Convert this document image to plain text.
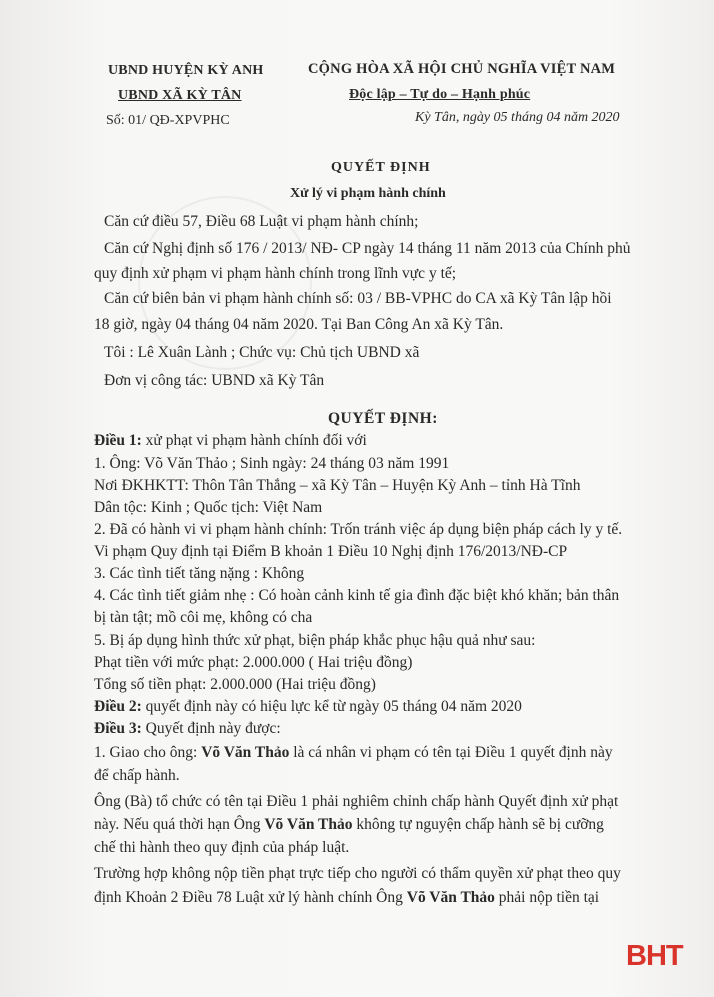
UBND HUYỆN KỲ ANH
UBND XÃ KỲ TÂN
Số: 01/ QĐ-XPVPHC
CỘNG HÒA XÃ HỘI CHỦ NGHĨA VIỆT NAM
Độc lập – Tự do – Hạnh phúc
Kỳ Tân, ngày 05 tháng 04 năm 2020
QUYẾT ĐỊNH
Xử lý vi phạm hành chính
Căn cứ điều 57, Điều 68 Luật vi phạm hành chính;
Căn cứ Nghị định số 176 / 2013/ NĐ- CP ngày 14 tháng 11 năm 2013 của Chính phủ
quy định xử phạm vi phạm hành chính trong lĩnh vực y tế;
Căn cứ biên bản vi phạm hành chính số: 03 / BB-VPHC do CA xã Kỳ Tân lập hồi
18 giờ, ngày 04 tháng 04 năm 2020. Tại Ban Công An xã Kỳ Tân.
Tôi : Lê Xuân Lành ; Chức vụ: Chủ tịch UBND xã
Đơn vị công tác: UBND xã Kỳ Tân
QUYẾT ĐỊNH:
Điều 1: xử phạt vi phạm hành chính đối với
1. Ông: Võ Văn Thảo ; Sinh ngày: 24 tháng 03 năm 1991
Nơi ĐKHKTT: Thôn Tân Thắng – xã Kỳ Tân – Huyện Kỳ Anh – tỉnh Hà Tĩnh
Dân tộc: Kinh ; Quốc tịch: Việt Nam
2. Đã có hành vi vi phạm hành chính: Trốn tránh việc áp dụng biện pháp cách ly y tế.
Vi phạm Quy định tại Điểm B khoản 1 Điều 10 Nghị định 176/2013/NĐ-CP
3. Các tình tiết tăng nặng : Không
4. Các tình tiết giảm nhẹ : Có hoàn cảnh kinh tế gia đình đặc biệt khó khăn; bản thân
bị tàn tật; mồ côi mẹ, không có cha
5. Bị áp dụng hình thức xử phạt, biện pháp khắc phục hậu quả như sau:
Phạt tiền với mức phạt: 2.000.000 ( Hai triệu đồng)
Tổng số tiền phạt: 2.000.000 (Hai triệu đồng)
Điều 2: quyết định này có hiệu lực kể từ ngày 05 tháng 04 năm 2020
Điều 3: Quyết định này được:
1. Giao cho ông: Võ Văn Thảo là cá nhân vi phạm có tên tại Điều 1 quyết định này
để chấp hành.
Ông (Bà) tổ chức có tên tại Điều 1 phải nghiêm chỉnh chấp hành Quyết định xử phạt
này. Nếu quá thời hạn Ông Võ Văn Thảo không tự nguyện chấp hành sẽ bị cưỡng
chế thi hành theo quy định của pháp luật.
Trường hợp không nộp tiền phạt trực tiếp cho người có thẩm quyền xử phạt theo quy
định Khoản 2 Điều 78 Luật xử lý hành chính Ông Võ Văn Thảo phải nộp tiền tại
BHT
